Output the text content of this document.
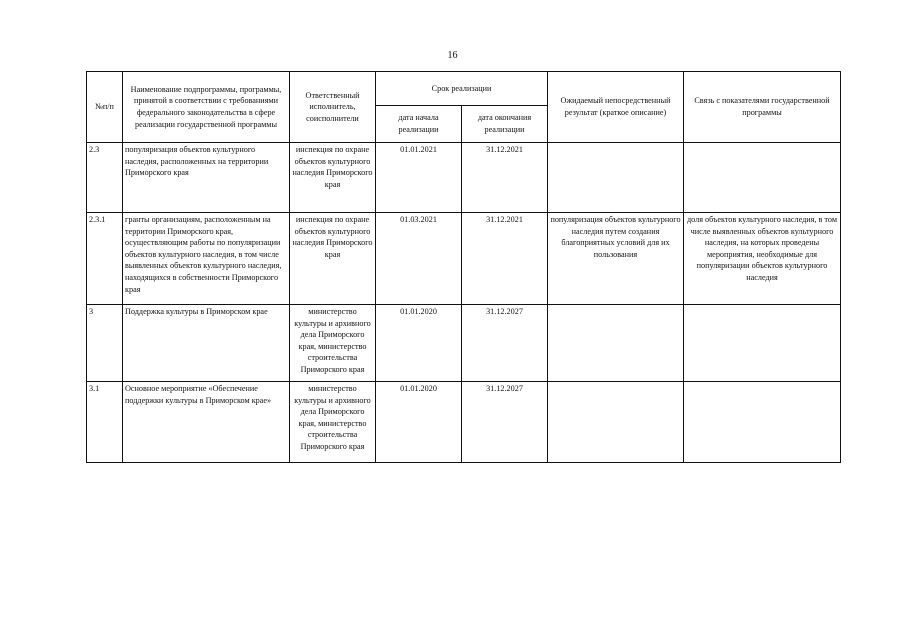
16
№п/п	Наименование подпрограммы, программы, принятой в соответствии с требованиями федерального законодательства в сфере реализации государственной программы	Ответственный исполнитель, соисполнители	Срок реализации		Ожидаемый непосредственный результат (краткое описание)	Связь с показателями государственной программы
			дата начала реализации	дата окончания реализации		
2.3	популяризация объектов культурного наследия, расположенных на территории Приморского края	инспекция по охране объектов культурного наследия Приморского края	01.01.2021	31.12.2021		
2.3.1	гранты организациям, расположенным на территории Приморского края, осуществляющим работы по популяризации объектов культурного наследия, в том числе выявленных объектов культурного наследия, находящихся в собственности Приморского края	инспекция по охране объектов культурного наследия Приморского края	01.03.2021	31.12.2021	популяризация объектов культурного наследия путем создания благоприятных условий для их пользования	доля объектов культурного наследия, в том числе выявленных объектов культурного наследия, на которых проведены мероприятия, необходимые для популяризации объектов культурного наследия
3	Поддержка культуры в Приморском крае	министерство культуры и архивного дела Приморского края, министерство строительства Приморского края	01.01.2020	31.12.2027		
3.1	Основное мероприятие «Обеспечение поддержки культуры в Приморском крае»	министерство культуры и архивного дела Приморского края, министерство строительства Приморского края	01.01.2020	31.12.2027		
